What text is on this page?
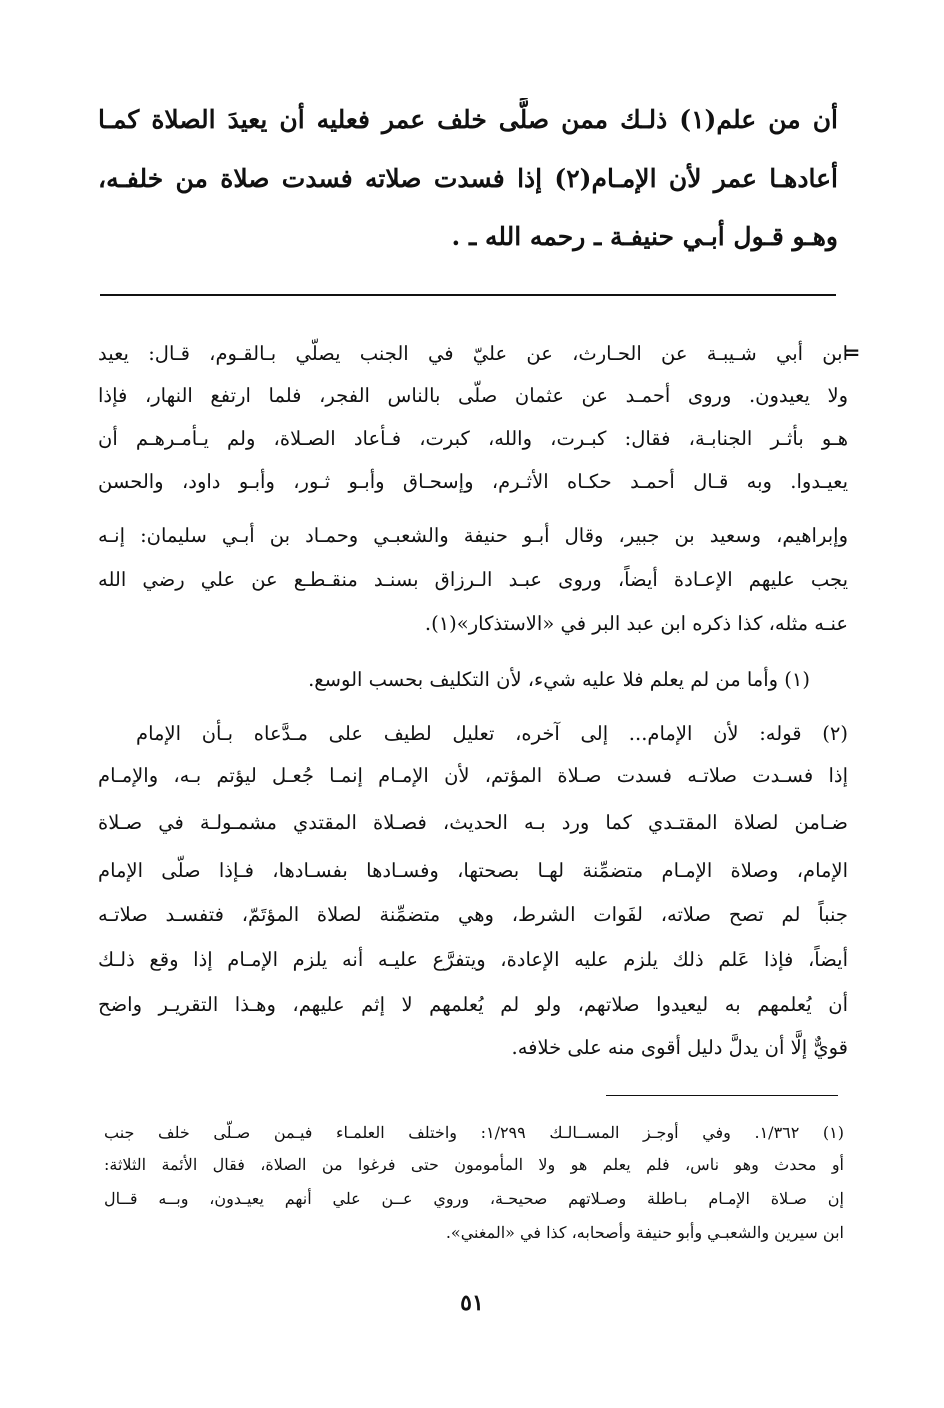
أن من علم(١) ذلـك ممن صلَّى خلف عمر فعليه أن يعيدَ الصلاة كمـا
أعادهـا عمر لأن الإمـام(٢) إذا فسدت صلاته فسدت صلاة من خلفـه،
وهـو قـول أبـي حنيفـة ـ رحمه الله ـ .
=
ابن أبي شـيبـة عن الحـارث، عن عليّ في الجنب يصلّي بـالقـوم، قـال: يعيد
ولا يعيدون. وروى أحمـد عن عثمان صلّى بالناس الفجر، فلما ارتفع النهار، فإذا
هـو بأثـر الجنابـة، فقال: كبـرت، والله، كبرت، فـأعاد الصـلاة، ولم يـأمـرهـم أن
يعيـدوا. وبه قـال أحمـد حكـاه الأثـرم، وإسحـاق وأبـو ثـور، وأبـو داود، والحسن
وإبراهيم، وسعيد بن جبير، وقال أبـو حنيفة والشعبـي وحمـاد بن أبـي سليمان: إنـه
يجب عليهم الإعـادة أيضاً، وروى عبـد الـرزاق بسنـد منقـطـع عن علي رضي الله
عنـه مثله، كذا ذكره ابن عبد البر في «الاستذكار»(١).
(١) وأما من لم يعلم فلا عليه شيء، لأن التكليف بحسب الوسع.
(٢) قوله: لأن الإمام... إلى آخره، تعليل لطيف على مـدَّعاه بـأن الإمام
إذا فسـدت صلاتـه فسدت صـلاة المؤتم، لأن الإمـام إنمـا جُعـل ليؤتم بـه، والإمـام
ضـامن لصلاة المقتـدي كما ورد بـه الحديث، فصـلاة المقتدي مشمـولـة في صـلاة
الإمام، وصلاة الإمـام متضمِّنة لهـا بصحتها، وفسـادها بفسـادها، فـإذا صلّى الإمام
جنباً لم تصح صلاته، لفَوات الشرط، وهي متضمِّنة لصلاة المؤتَمّ، فتفسـد صلاتـه
أيضاً، فإذا عَلم ذلك يلزم عليه الإعادة، ويتفرَّع عليـه أنه يلزم الإمـام إذا وقع ذلـك
أن يُعلمهم به ليعيدوا صلاتهم، ولو لم يُعلمهم لا إثم عليهم، وهـذا التقريـر واضح
قويٌّ إلَّا أن يدلَّ دليل أقوى منه على خلافه.
(١) ١/٣٦٢. وفي أوجـز المســالـك ١/٢٩٩: واختلف العلمـاء فيـمن صـلّى خلف جنب
أو محدث وهو ناس، فلم يعلم هو ولا المأمومون حتى فرغوا من الصلاة، فقال الأئمة الثلاثة:
إن صـلاة الإمـام بـاطلة وصـلاتهم صحيحـة، وروي عــن علي أنهم يعيـدون، وبــه قــال
ابن سيرين والشعبـي وأبو حنيفة وأصحابه، كذا في «المغني».
٥١
